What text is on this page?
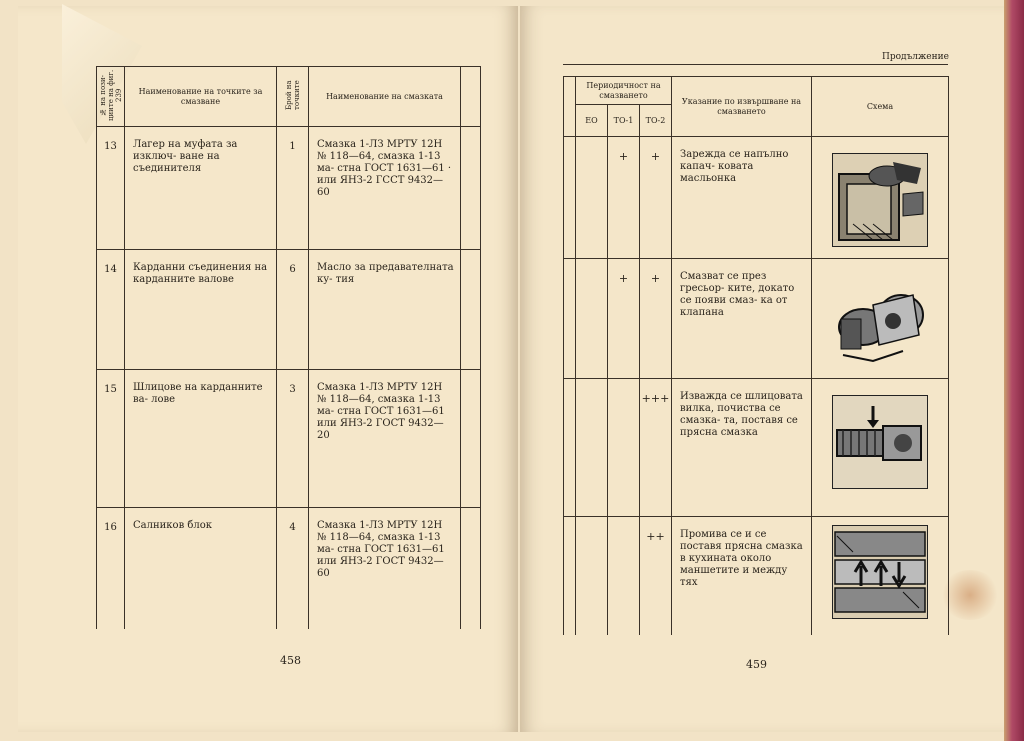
№ на пози- циите на фиг. 239	Наименование на точките за смазване	Брой на точките	Наименование на смазката	
13	Лагер на муфата за изключ- ване на съединителя	1	Смазка 1-ЛЗ МРТУ 12Н № 118—64, смазка 1-13 ма- стна ГОСТ 1631—61 · или ЯНЗ-2 ГССТ 9432—60	

14	Карданни съединения на карданните валове	6	Масло за предавателната ку- тия	

15	Шлицове на карданните ва- лове	3	Смазка 1-ЛЗ МРТУ 12Н № 118—64, смазка 1-13 ма- стна ГОСТ 1631—61 или ЯНЗ-2 ГОСТ 9432—20	

16	Салников блок	4	Смазка 1-ЛЗ МРТУ 12Н № 118—64, смазка 1-13 ма- стна ГОСТ 1631—61 или ЯНЗ-2 ГОСТ 9432—60	

458
Продължение
	Периодичност на смазването			Указание по извършване на смазването	Схема
	ЕО	ТО-1	ТО-2		
		+	+	Зарежда се напълно капач- ковата масльонка

		+	+	Смазват се през гресьор- ките, докато се появи смаз- ка от клапана

			+++	Изважда се шлицовата вилка, почиства се смазка- та, поставя се прясна смазка

			++	Промива се и се поставя прясна смазка в кухината около маншетите и между тях

459
